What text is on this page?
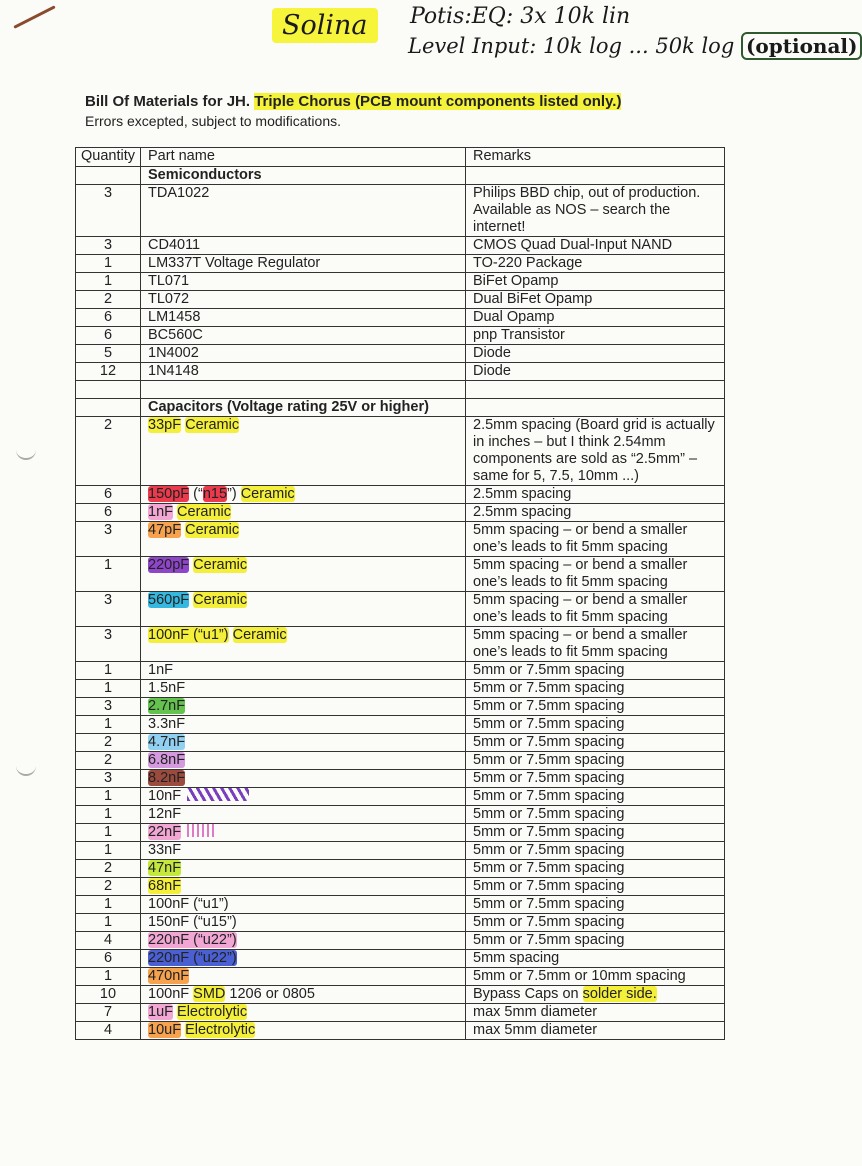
Solina	Potis:EQ: 3x 10k lin
Level Input: 10k log ... 50k log (optional)
Bill Of Materials for JH. Triple Chorus (PCB mount components listed only.)
Errors excepted, subject to modifications.
Quantity	Part name	Remarks
	Semiconductors	
3	TDA1022	Philips BBD chip, out of production. Available as NOS – search the internet!
3	CD4011	CMOS Quad Dual-Input NAND
1	LM337T Voltage Regulator	TO-220 Package
1	TL071	BiFet Opamp
2	TL072	Dual BiFet Opamp
6	LM1458	Dual Opamp
6	BC560C	pnp Transistor
5	1N4002	Diode
12	1N4148	Diode

	Capacitors (Voltage rating 25V or higher)	
2	33pF Ceramic	2.5mm spacing (Board grid is actually in inches – but I think 2.54mm components are sold as “2.5mm” – same for 5, 7.5, 10mm ...)
6	150pF (“n15”) Ceramic	2.5mm spacing
6	1nF Ceramic	2.5mm spacing
3	47pF Ceramic	5mm spacing – or bend a smaller one’s leads to fit 5mm spacing
1	220pF Ceramic	5mm spacing – or bend a smaller one’s leads to fit 5mm spacing
3	560pF Ceramic	5mm spacing – or bend a smaller one’s leads to fit 5mm spacing
3	100nF (“u1”) Ceramic	5mm spacing – or bend a smaller one’s leads to fit 5mm spacing
1	1nF	5mm or 7.5mm spacing
1	1.5nF	5mm or 7.5mm spacing
3	2.7nF	5mm or 7.5mm spacing
1	3.3nF	5mm or 7.5mm spacing
2	4.7nF	5mm or 7.5mm spacing
2	6.8nF	5mm or 7.5mm spacing
3	8.2nF	5mm or 7.5mm spacing
1	10nF	5mm or 7.5mm spacing
1	12nF	5mm or 7.5mm spacing
1	22nF	5mm or 7.5mm spacing
1	33nF	5mm or 7.5mm spacing
2	47nF	5mm or 7.5mm spacing
2	68nF	5mm or 7.5mm spacing
1	100nF (“u1”)	5mm or 7.5mm spacing
1	150nF (“u15”)	5mm or 7.5mm spacing
4	220nF (“u22”)	5mm or 7.5mm spacing
6	220nF (“u22”)	5mm spacing
1	470nF	5mm or 7.5mm or 10mm spacing
10	100nF SMD 1206 or 0805	Bypass Caps on solder side.
7	1uF Electrolytic	max 5mm diameter
4	10uF Electrolytic	max 5mm diameter
